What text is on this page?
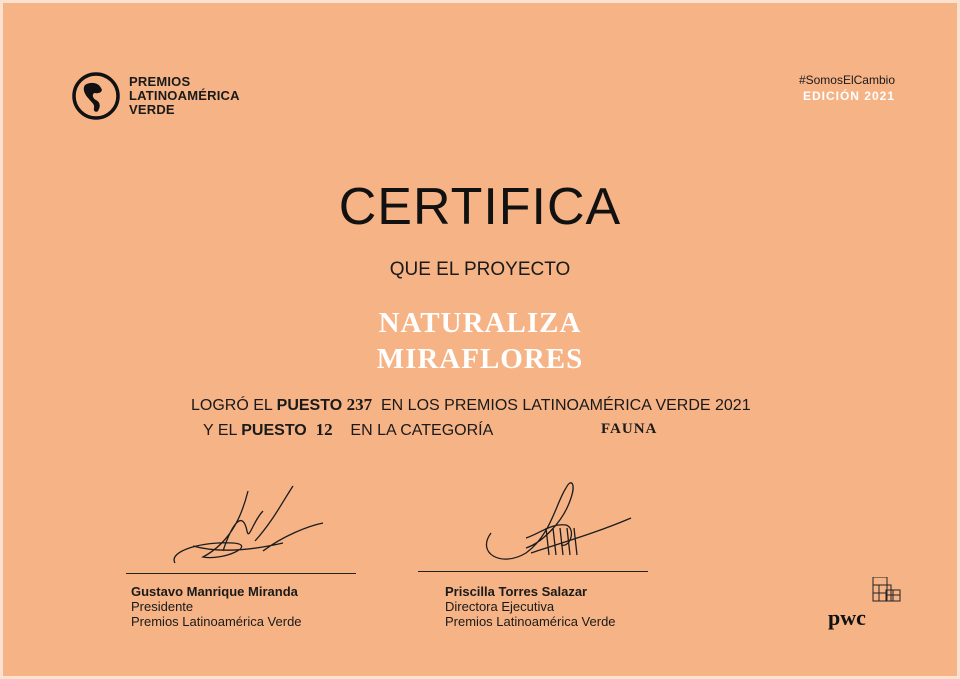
PREMIOS
LATINOAMÉRICA
VERDE
#SomosElCambio
EDICIÓN 2021
CERTIFICA
QUE EL PROYECTO
NATURALIZA
MIRAFLORES
LOGRÓ EL PUESTO 237  EN LOS PREMIOS LATINOAMÉRICA VERDE 2021
Y EL PUESTO 12    EN LA CATEGORÍA	FAUNA
Gustavo Manrique Miranda
Presidente
Premios Latinoamérica Verde
Priscilla Torres Salazar
Directora Ejecutiva
Premios Latinoamérica Verde	pwc
